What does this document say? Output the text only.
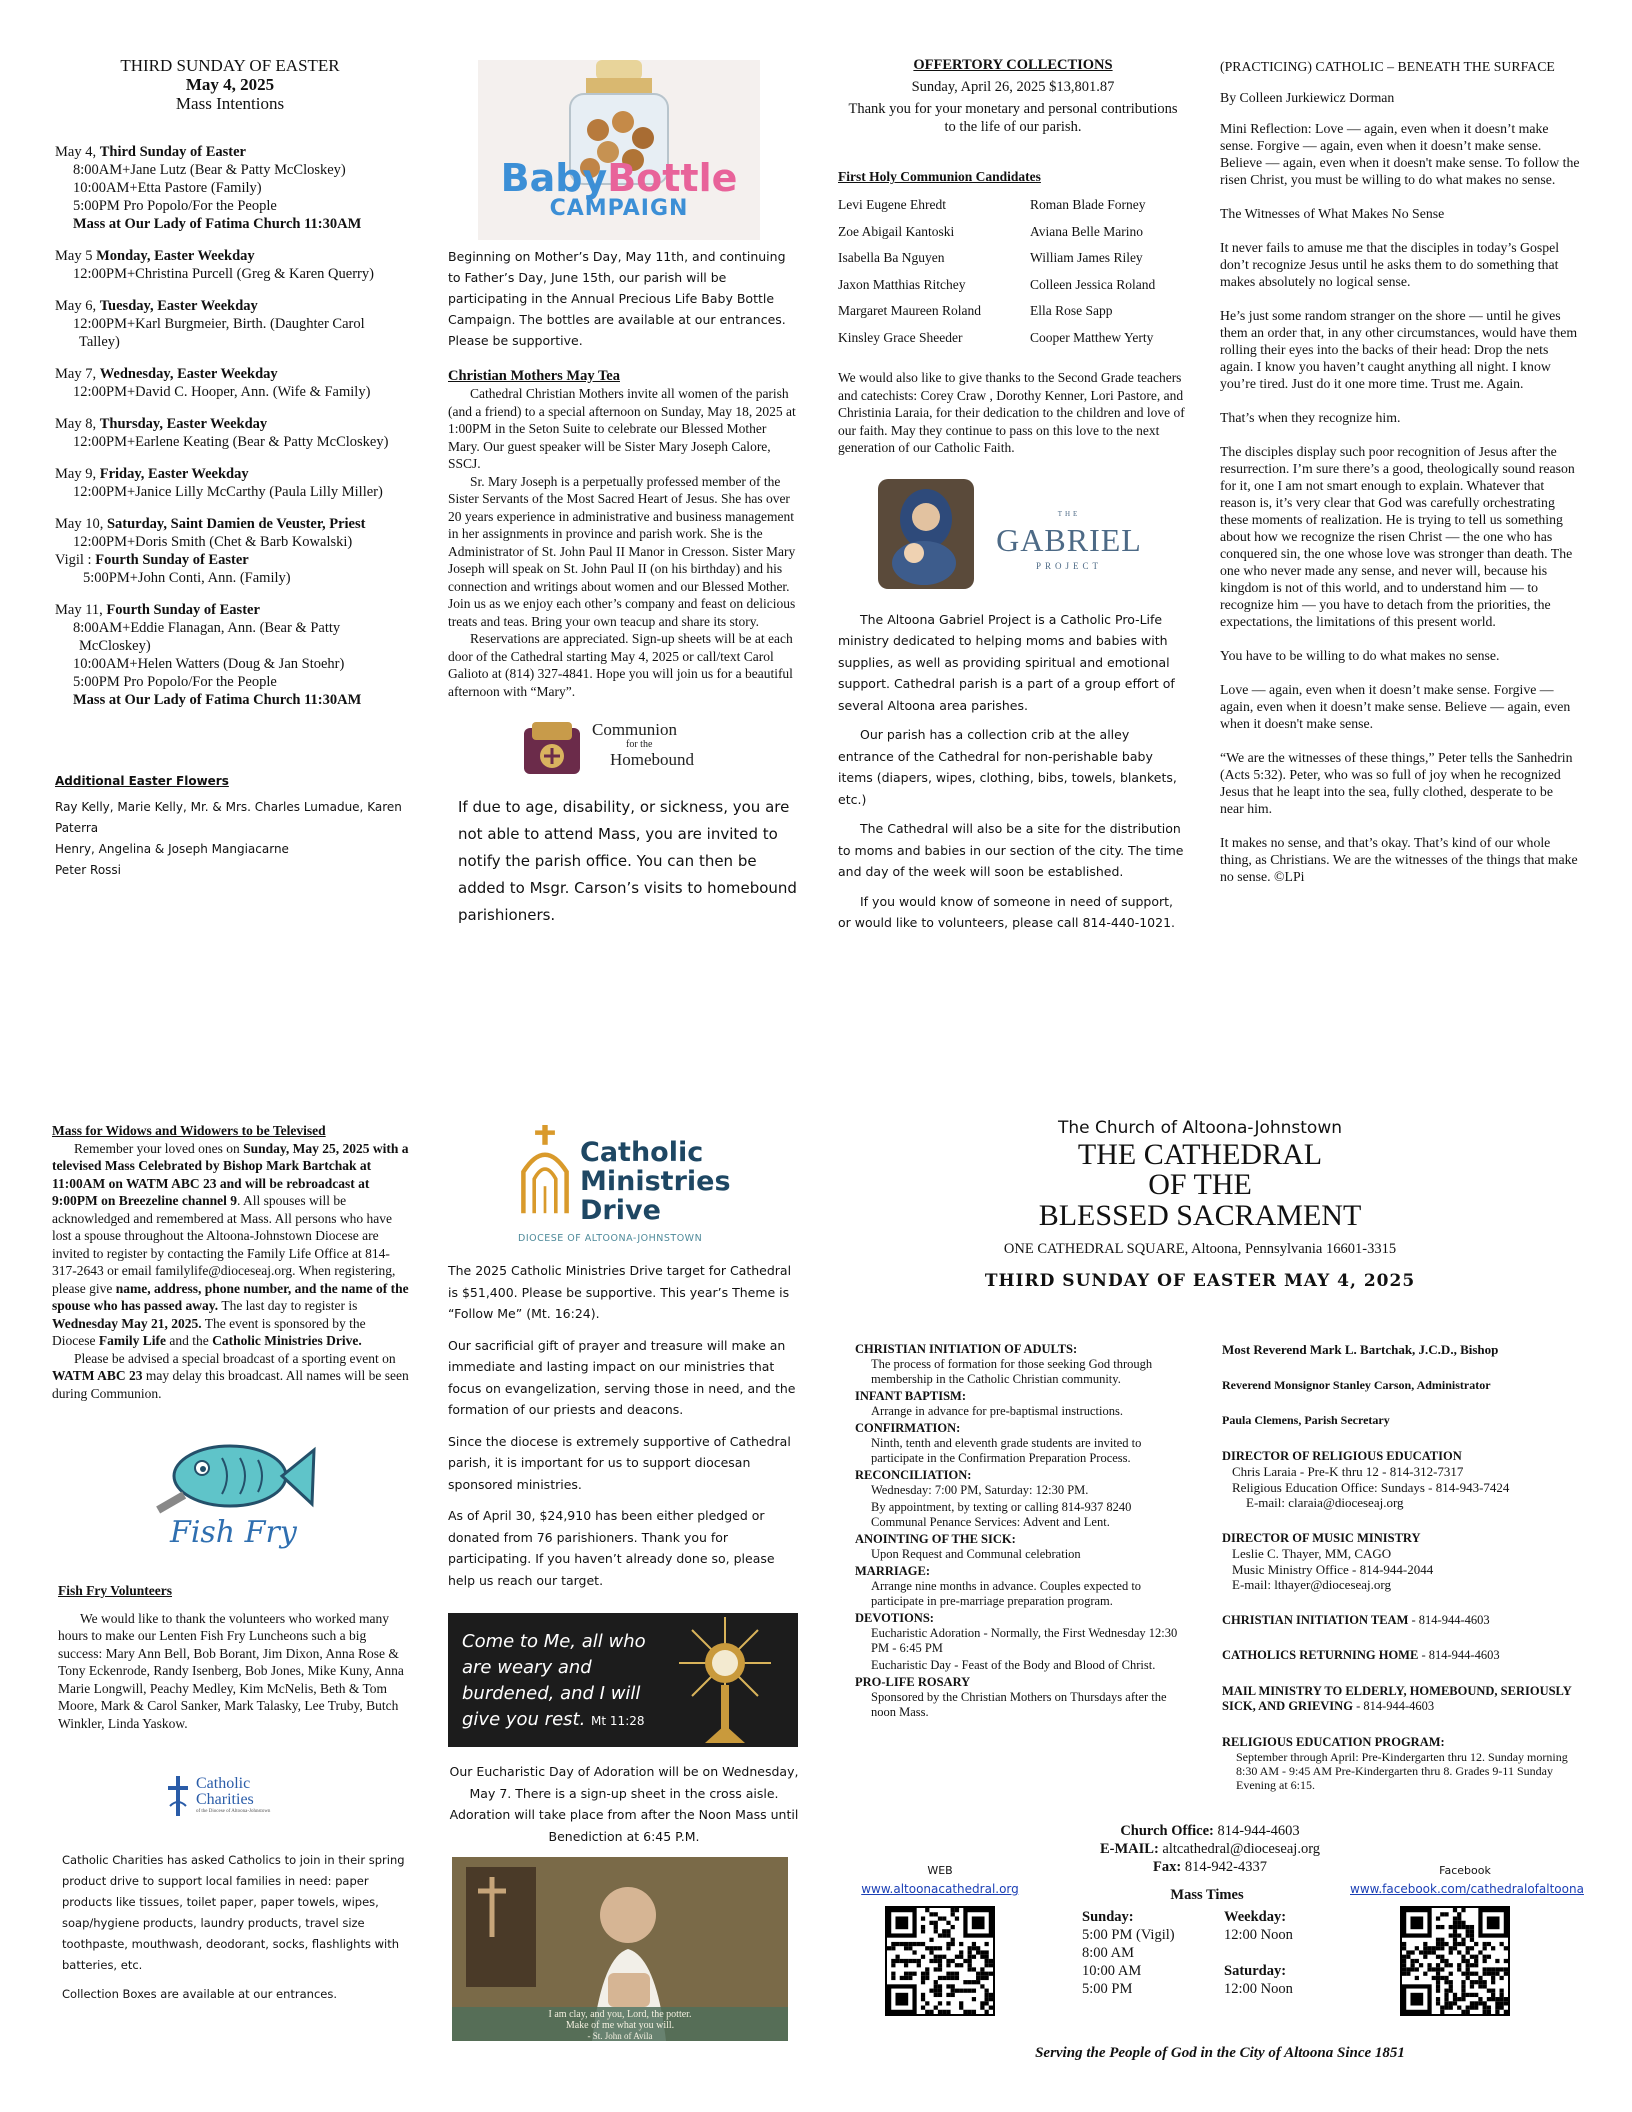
THIRD SUNDAY OF EASTER
May 4, 2025
Mass Intentions
May 4, Third Sunday of Easter
8:00AM+Jane Lutz (Bear & Patty McCloskey)
10:00AM+Etta Pastore (Family)
5:00PM Pro Popolo/For the People
Mass at Our Lady of Fatima Church 11:30AM
May 5 Monday, Easter Weekday
12:00PM+Christina Purcell (Greg & Karen Querry)
May 6, Tuesday, Easter Weekday
12:00PM+Karl Burgmeier, Birth. (Daughter Carol Talley)
May 7, Wednesday, Easter Weekday
12:00PM+David C. Hooper, Ann. (Wife & Family)
May 8, Thursday, Easter Weekday
12:00PM+Earlene Keating (Bear & Patty McCloskey)
May 9, Friday, Easter Weekday
12:00PM+Janice Lilly McCarthy (Paula Lilly Miller)
May 10, Saturday, Saint Damien de Veuster, Priest
12:00PM+Doris Smith (Chet & Barb Kowalski)
Vigil : Fourth Sunday of Easter
5:00PM+John Conti, Ann. (Family)
May 11, Fourth Sunday of Easter
8:00AM+Eddie Flanagan, Ann. (Bear & Patty McCloskey)
10:00AM+Helen Watters (Doug & Jan Stoehr)
5:00PM Pro Popolo/For the People
Mass at Our Lady of Fatima Church 11:30AM
Additional Easter Flowers
Ray Kelly, Marie Kelly, Mr. & Mrs. Charles Lumadue, Karen Paterra
Henry, Angelina & Joseph Mangiacarne
Peter Rossi
BabyBottle
CAMPAIGN

Beginning on Mother’s Day, May 11th, and continuing to Father’s Day, June 15th, our parish will be participating in the Annual Precious Life Baby Bottle Campaign. The bottles are available at our entrances. Please be supportive.

Christian Mothers May Tea

Cathedral Christian Mothers invite all women of the parish (and a friend) to a special afternoon on Sunday, May 18, 2025 at 1:00PM in the Seton Suite to celebrate our Blessed Mother Mary. Our guest speaker will be Sister Mary Joseph Calore, SSCJ.

Sr. Mary Joseph is a perpetually professed member of the Sister Servants of the Most Sacred Heart of Jesus. She has over 20 years experience in administrative and business management in her assignments in province and parish work. She is the Administrator of St. John Paul II Manor in Cresson. Sister Mary Joseph will speak on St. John Paul II (on his birthday) and his connection and writings about women and our Blessed Mother. Join us as we enjoy each other’s company and feast on delicious treats and teas. Bring your own teacup and share its story.

Reservations are appreciated. Sign-up sheets will be at each door of the Cathedral starting May 4, 2025 or call/text Carol Galioto at (814) 327-4841. Hope you will join us for a beautiful afternoon with “Mary”.

Communion
for the
Homebound

If due to age, disability, or sickness, you are not able to attend Mass, you are invited to notify the parish office. You can then be added to Msgr. Carson’s visits to homebound parishioners.

OFFERTORY COLLECTIONS
Sunday, April 26, 2025 $13,801.87
Thank you for your monetary and personal contributions to the life of our parish.
First Holy Communion Candidates
Levi Eugene Ehredt
Zoe Abigail Kantoski
Isabella Ba Nguyen
Jaxon Matthias Ritchey
Margaret Maureen Roland
Kinsley Grace Sheeder
Roman Blade Forney
Aviana Belle Marino
William James Riley
Colleen Jessica Roland
Ella Rose Sapp
Cooper Matthew Yerty

We would also like to give thanks to the Second Grade teachers and catechists: Corey Craw , Dorothy Kenner, Lori Pastore, and Christinia Laraia, for their dedication to the children and love of our faith. May they continue to pass on this love to the next generation of our Catholic Faith.

THE
GABRIEL
PROJECT

The Altoona Gabriel Project is a Catholic Pro-Life ministry dedicated to helping moms and babies with supplies, as well as providing spiritual and emotional support. Cathedral parish is a part of a group effort of several Altoona area parishes.

Our parish has a collection crib at the alley entrance of the Cathedral for non-perishable baby items (diapers, wipes, clothing, bibs, towels, blankets, etc.)

The Cathedral will also be a site for the distribution to moms and babies in our section of the city. The time and day of the week will soon be established.

If you would know of someone in need of support, or would like to volunteers, please call 814-440-1021.

(PRACTICING) CATHOLIC – BENEATH THE SURFACE
By Colleen Jurkiewicz Dorman

Mini Reflection: Love — again, even when it doesn’t make sense. Forgive — again, even when it doesn’t make sense. Believe — again, even when it doesn't make sense. To follow the risen Christ, you must be willing to do what makes no sense.

The Witnesses of What Makes No Sense

It never fails to amuse me that the disciples in today’s Gospel don’t recognize Jesus until he asks them to do something that makes absolutely no logical sense.

He’s just some random stranger on the shore — until he gives them an order that, in any other circumstances, would have them rolling their eyes into the backs of their head: Drop the nets again. I know you haven’t caught anything all night. I know you’re tired. Just do it one more time. Trust me. Again.

That’s when they recognize him.

The disciples display such poor recognition of Jesus after the resurrection. I’m sure there’s a good, theologically sound reason for it, one I am not smart enough to explain. Whatever that reason is, it’s very clear that God was carefully orchestrating these moments of realization. He is trying to tell us something about how we recognize the risen Christ — the one who has conquered sin, the one whose love was stronger than death. The one who never made any sense, and never will, because his kingdom is not of this world, and to understand him — to recognize him — you have to detach from the priorities, the expectations, the limitations of this present world.

You have to be willing to do what makes no sense.

Love — again, even when it doesn’t make sense. Forgive — again, even when it doesn’t make sense. Believe — again, even when it doesn't make sense.

“We are the witnesses of these things,” Peter tells the Sanhedrin (Acts 5:32). Peter, who was so full of joy when he recognized Jesus that he leapt into the sea, fully clothed, desperate to be near him.

It makes no sense, and that’s okay. That’s kind of our whole thing, as Christians. We are the witnesses of the things that make no sense. ©LPi

Mass for Widows and Widowers to be Televised

Remember your loved ones on Sunday, May 25, 2025 with a televised Mass Celebrated by Bishop Mark Bartchak at 11:00AM on WATM ABC 23 and will be rebroadcast at 9:00PM on Breezeline channel 9. All spouses will be acknowledged and remembered at Mass. All persons who have lost a spouse throughout the Altoona-Johnstown Diocese are invited to register by contacting the Family Life Office at 814-317-2643 or email familylife@dioceseaj.org. When registering, please give name, address, phone number, and the name of the spouse who has passed away. The last day to register is Wednesday May 21, 2025. The event is sponsored by the Diocese Family Life and the Catholic Ministries Drive.

Please be advised a special broadcast of a sporting event on WATM ABC 23 may delay this broadcast. All names will be seen during Communion.

Fish Fry
Fish Fry Volunteers

We would like to thank the volunteers who worked many hours to make our Lenten Fish Fry Luncheons such a big success: Mary Ann Bell, Bob Borant, Jim Dixon, Anna Rose & Tony Eckenrode, Randy Isenberg, Bob Jones, Mike Kuny, Anna Marie Longwill, Peachy Medley, Kim McNelis, Beth & Tom Moore, Mark & Carol Sanker, Mark Talasky, Lee Truby, Butch Winkler, Linda Yaskow.

Catholic
Charities
of the Diocese of Altoona-Johnstown

Catholic Charities has asked Catholics to join in their spring product drive to support local families in need: paper products like tissues, toilet paper, paper towels, wipes, soap/hygiene products, laundry products, travel size toothpaste, mouthwash, deodorant, socks, flashlights with batteries, etc.

Collection Boxes are available at our entrances.

Catholic
Ministries
Drive
DIOCESE OF ALTOONA-JOHNSTOWN

The 2025 Catholic Ministries Drive target for Cathedral is $51,400. Please be supportive. This year’s Theme is “Follow Me” (Mt. 16:24).

Our sacrificial gift of prayer and treasure will make an immediate and lasting impact on our ministries that focus on evangelization, serving those in need, and the formation of our priests and deacons.

Since the diocese is extremely supportive of Cathedral parish, it is important for us to support diocesan sponsored ministries.

As of April 30, $24,910 has been either pledged or donated from 76 parishioners. Thank you for participating. If you haven’t already done so, please help us reach our target.

Come to Me, all who are weary and burdened, and I will give you rest. Mt 11:28

Our Eucharistic Day of Adoration will be on Wednesday, May 7. There is a sign-up sheet in the cross aisle. Adoration will take place from after the Noon Mass until Benediction at 6:45 P.M.

I am clay, and you, Lord, the potter.
Make of me what you will.
- St. John of Avila
The Church of Altoona-Johnstown
THE CATHEDRAL
OF THE
BLESSED SACRAMENT
ONE CATHEDRAL SQUARE, Altoona, Pennsylvania 16601-3315
THIRD SUNDAY OF EASTER MAY 4, 2025
CHRISTIAN INITIATION OF ADULTS:
The process of formation for those seeking God through membership in the Catholic Christian community.
INFANT BAPTISM:
Arrange in advance for pre-baptismal instructions.
CONFIRMATION:
Ninth, tenth and eleventh grade students are invited to participate in the Confirmation Preparation Process.
RECONCILIATION:
Wednesday: 7:00 PM, Saturday: 12:30 PM.
By appointment, by texting or calling 814-937 8240 Communal Penance Services: Advent and Lent.
ANOINTING OF THE SICK:
Upon Request and Communal celebration
MARRIAGE:
Arrange nine months in advance. Couples expected to participate in pre-marriage preparation program.
DEVOTIONS:
Eucharistic Adoration - Normally, the First Wednesday 12:30 PM - 6:45 PM
Eucharistic Day - Feast of the Body and Blood of Christ.
PRO-LIFE ROSARY
Sponsored by the Christian Mothers on Thursdays after the noon Mass.
Most Reverend Mark L. Bartchak, J.C.D., Bishop
Reverend Monsignor Stanley Carson, Administrator
Paula Clemens, Parish Secretary
DIRECTOR OF RELIGIOUS EDUCATION
Chris Laraia - Pre-K thru 12 - 814-312-7317
Religious Education Office: Sundays - 814-943-7424
E-mail: claraia@dioceseaj.org
DIRECTOR OF MUSIC MINISTRY
Leslie C. Thayer, MM, CAGO
Music Ministry Office - 814-944-2044
E-mail: lthayer@dioceseaj.org
CHRISTIAN INITIATION TEAM - 814-944-4603
CATHOLICS RETURNING HOME - 814-944-4603
MAIL MINISTRY TO ELDERLY, HOMEBOUND, SERIOUSLY SICK, AND GRIEVING - 814-944-4603
RELIGIOUS EDUCATION PROGRAM:
September through April: Pre-Kindergarten thru 12. Sunday morning 8:30 AM - 9:45 AM Pre-Kindergarten thru 8. Grades 9-11 Sunday Evening at 6:15.
Church Office: 814-944-4603
E-MAIL: altcathedral@dioceseaj.org
Fax: 814-942-4337
WEB
www.altoonacathedral.org
Facebook
www.facebook.com/cathedralofaltoona
Mass Times
Sunday:
5:00 PM (Vigil)
8:00 AM
10:00 AM
5:00 PM
Weekday:
12:00 Noon
Saturday:
12:00 Noon
Serving the People of God in the City of Altoona Since 1851
